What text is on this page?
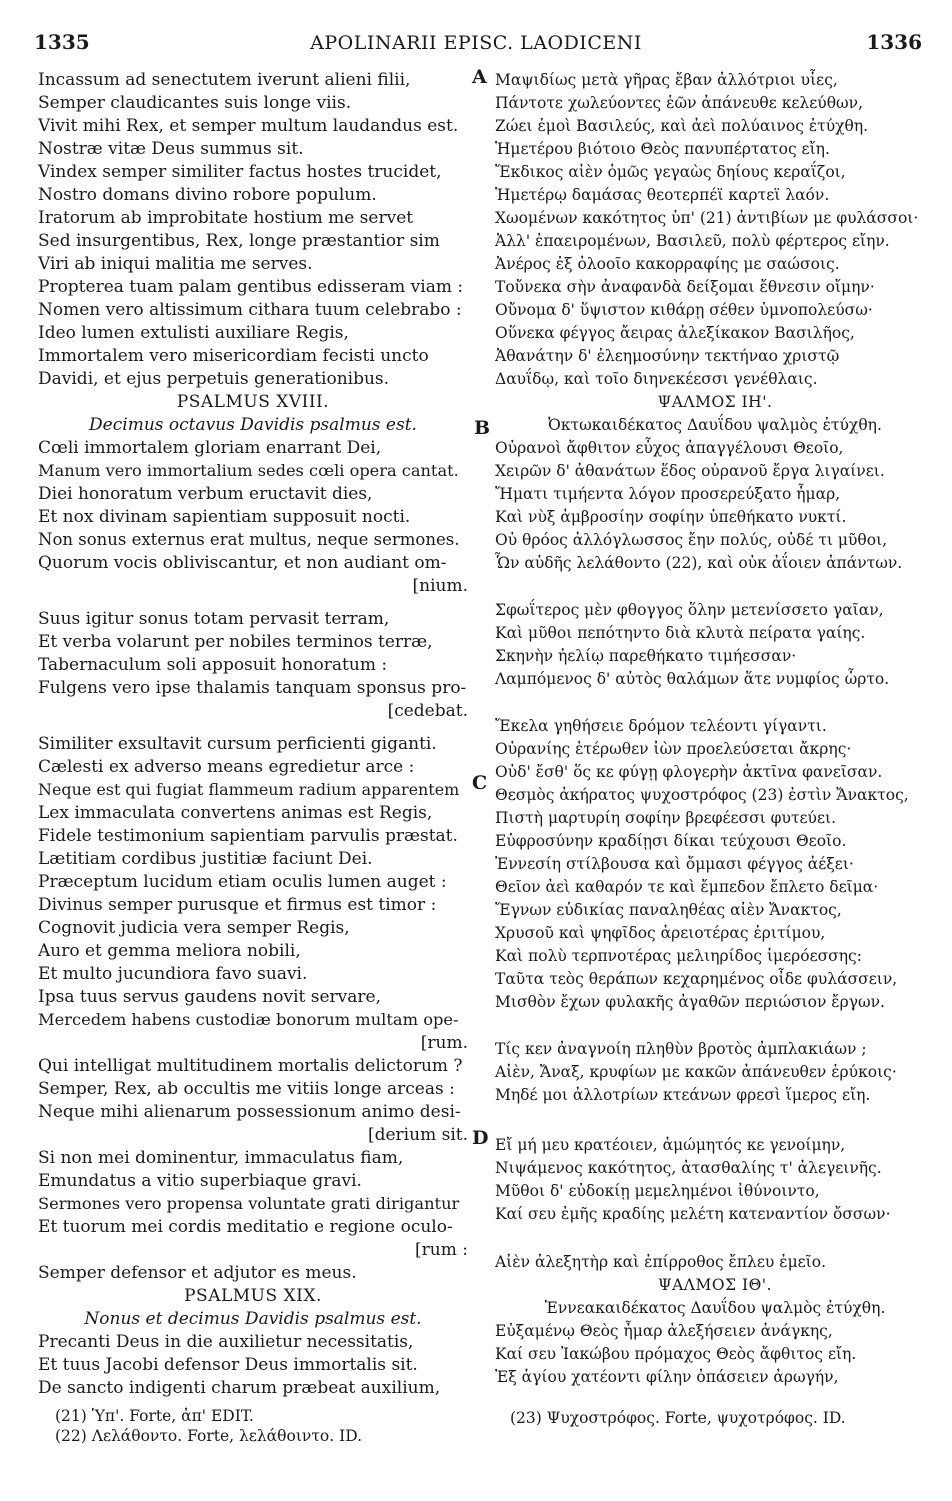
1335	APOLINARII EPISC. LAODICENI	1336
Incassum ad senectutem iverunt alieni filii,
Semper claudicantes suis longe viis.
Vivit mihi Rex, et semper multum laudandus est.
Nostræ vitæ Deus summus sit.
Vindex semper similiter factus hostes trucidet,
Nostro domans divino robore populum.
Iratorum ab improbitate hostium me servet
Sed insurgentibus, Rex, longe præstantior sim
Viri ab iniqui malitia me serves.
Propterea tuam palam gentibus edisseram viam :
Nomen vero altissimum cithara tuum celebrabo :
Ideo lumen extulisti auxiliare Regis,
Immortalem vero misericordiam fecisti uncto
Davidi, et ejus perpetuis generationibus.
PSALMUS XVIII.
Decimus octavus Davidis psalmus est.
Cœli immortalem gloriam enarrant Dei,
Manum vero immortalium sedes cœli opera cantat.
Diei honoratum verbum eructavit dies,
Et nox divinam sapientiam supposuit nocti.
Non sonus externus erat multus, neque sermones.
Quorum vocis obliviscantur, et non audiant om-
[nium.
Suus igitur sonus totam pervasit terram,
Et verba volarunt per nobiles terminos terræ,
Tabernaculum soli apposuit honoratum :
Fulgens vero ipse thalamis tanquam sponsus pro-
[cedebat.
Similiter exsultavit cursum perficienti giganti.
Cælesti ex adverso means egredietur arce :
Neque est qui fugiat flammeum radium apparentem
Lex immaculata convertens animas est Regis,
Fidele testimonium sapientiam parvulis præstat.
Lætitiam cordibus justitiæ faciunt Dei.
Præceptum lucidum etiam oculis lumen auget :
Divinus semper purusque et firmus est timor :
Cognovit judicia vera semper Regis,
Auro et gemma meliora nobili,
Et multo jucundiora favo suavi.
Ipsa tuus servus gaudens novit servare,
Mercedem habens custodiæ bonorum multam ope-
[rum.
Qui intelligat multitudinem mortalis delictorum ?
Semper, Rex, ab occultis me vitiis longe arceas :
Neque mihi alienarum possessionum animo desi-
[derium sit.
Si non mei dominentur, immaculatus fiam,
Emundatus a vitio superbiaque gravi.
Sermones vero propensa voluntate grati dirigantur
Et tuorum mei cordis meditatio e regione oculo-
[rum :
Semper defensor et adjutor es meus.
PSALMUS XIX.
Nonus et decimus Davidis psalmus est.
Precanti Deus in die auxilietur necessitatis,
Et tuus Jacobi defensor Deus immortalis sit.
De sancto indigenti charum præbeat auxilium,
Μαψιδίως μετὰ γῆρας ἔβαν ἀλλότριοι υἷες,
Πάντοτε χωλεύοντες ἑῶν ἀπάνευθε κελεύθων,
Ζώει ἐμοὶ Βασιλεύς, καὶ ἀεὶ πολύαινος ἐτύχθη.
Ἡμετέρου βιότοιο Θεὸς πανυπέρτατος εἴη.
Ἔκδικος αἰὲν ὁμῶς γεγαὼς δηίους κεραΐζοι,
Ἡμετέρῳ δαμάσας θεοτερπέϊ καρτεϊ λαόν.
Χωομένων κακότητος ὑπ' (21) ἀντιβίων με φυλάσσοι·
Ἀλλ' ἐπαειρομένων, Βασιλεῦ, πολὺ φέρτερος εἴην.
Ἀνέρος ἐξ ὀλοοῖο κακορραφίης με σαώσοις.
Τοὔνεκα σὴν ἀναφανδὰ δείξομαι ἔθνεσιν οἴμην·
Οὔνομα δ' ὕψιστον κιθάρῃ σέθεν ὑμνοπολεύσω·
Οὕνεκα φέγγος ἄειρας ἀλεξίκακον Βασιλῆος,
Ἀθανάτην δ' ἐλεημοσύνην τεκτήναο χριστῷ
Δαυΐδῳ, καὶ τοῖο διηνεκέεσσι γενέθλαις.
ΨΑΛΜΟΣ ΙΗ'.
Ὀκτωκαιδέκατος Δαυΐδου ψαλμὸς ἐτύχθη.
Οὐρανοὶ ἄφθιτον εὖχος ἀπαγγέλουσι Θεοῖο,
Χειρῶν δ' ἀθανάτων ἕδος οὐρανοῦ ἔργα λιγαίνει.
Ἤματι τιμήεντα λόγον προσερεύξατο ἦμαρ,
Καὶ νὺξ ἀμβροσίην σοφίην ὑπεθήκατο νυκτί.
Οὐ θρόος ἀλλόγλωσσος ἔην πολύς, οὐδέ τι μῦθοι,
Ὧν αὐδῆς λελάθοντο (22), καὶ οὐκ ἀΐοιεν ἁπάντων.
Σφωΐτερος μὲν φθογγος ὅλην μετενίσσετο γαῖαν,
Καὶ μῦθοι πεπότηντο διὰ κλυτὰ πείρατα γαίης.
Σκηνὴν ἠελίῳ παρεθήκατο τιμήεσσαν·
Λαμπόμενος δ' αὐτὸς θαλάμων ἅτε νυμφίος ὦρτο.
Ἔκελα γηθήσειε δρόμον τελέοντι γίγαντι.
Οὐρανίης ἑτέρωθεν ἰὼν προελεύσεται ἄκρης·
Οὐδ' ἔσθ' ὅς κε φύγῃ φλογερὴν ἀκτῖνα φανεῖσαν.
Θεσμὸς ἀκήρατος ψυχοστρόφος (23) ἐστὶν Ἄνακτος,
Πιστὴ μαρτυρίη σοφίην βρεφέεσσι φυτεύει.
Εὐφροσύνην κραδίῃσι δίκαι τεύχουσι Θεοῖο.
Ἐννεσίη στίλβουσα καὶ ὄμμασι φέγγος ἀέξει·
Θεῖον ἀεὶ καθαρόν τε καὶ ἔμπεδον ἔπλετο δεῖμα·
Ἔγνων εὐδικίας παναληθέας αἰὲν Ἄνακτος,
Χρυσοῦ καὶ ψηφῖδος ἀρειοτέρας ἐριτίμου,
Καὶ πολὺ τερπνοτέρας μελιηρίδος ἱμερόεσσης:
Ταῦτα τεὸς θεράπων κεχαρημένος οἶδε φυλάσσειν,
Μισθὸν ἔχων φυλακῆς ἀγαθῶν περιώσιον ἔργων.
Τίς κεν ἀναγνοίη πληθὺν βροτὸς ἀμπλακιάων ;
Αἰὲν, Ἄναξ, κρυφίων με κακῶν ἀπάνευθεν ἐρύκοις·
Μηδέ μοι ἀλλοτρίων κτεάνων φρεσὶ ἵμερος εἴη.
Εἴ μή μευ κρατέοιεν, ἀμώμητός κε γενοίμην,
Νιψάμενος κακότητος, ἀτασθαλίης τ' ἀλεγεινῆς.
Μῦθοι δ' εὐδοκίῃ μεμελημένοι ἰθύνοιντο,
Καί σευ ἐμῆς κραδίης μελέτη κατεναντίον ὄσσων·
Αἰὲν ἀλεξητὴρ καὶ ἐπίρροθος ἔπλευ ἐμεῖο.
ΨΑΛΜΟΣ ΙΘ'.
Ἐννεακαιδέκατος Δαυΐδου ψαλμὸς ἐτύχθη.
Εὐξαμένῳ Θεὸς ἦμαρ ἀλεξήσειεν ἀνάγκης,
Καί σευ Ἰακώβου πρόμαχος Θεὸς ἄφθιτος εἴη.
Ἐξ ἁγίου χατέοντι φίλην ὀπάσειεν ἀρωγήν,
A
B
C
D
(21) Ὑπ'. Forte, ἀπ' EDIT.
(22) Λελάθοντο. Forte, λελάθοιντο. ID.
(23) Ψυχοστρόφος. Forte, ψυχοτρόφος. ID.
